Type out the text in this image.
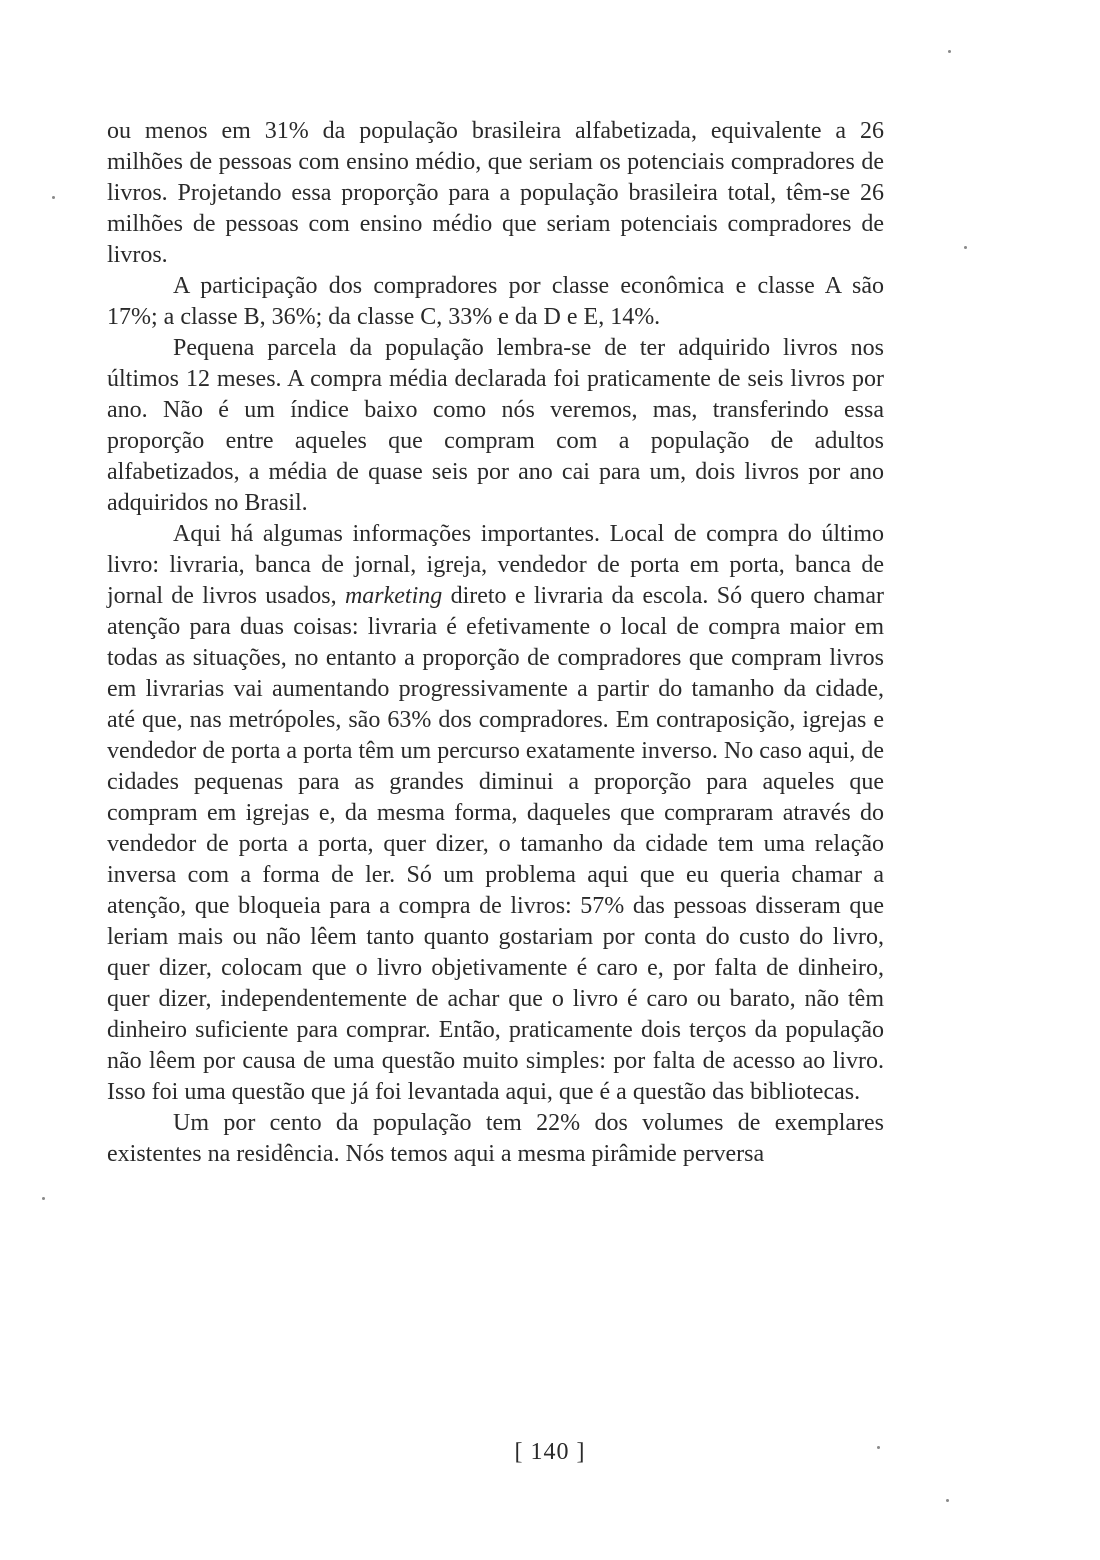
ou menos em 31% da população brasileira alfabetizada, equivalente a 26 milhões de pessoas com ensino médio, que seriam os potenciais compradores de livros. Projetando essa proporção para a população brasileira total, têm-se 26 milhões de pessoas com ensino médio que seriam potenciais compradores de livros.

A participação dos compradores por classe econômica e classe A são 17%; a classe B, 36%; da classe C, 33% e da D e E, 14%.

Pequena parcela da população lembra-se de ter adquirido livros nos últimos 12 meses. A compra média declarada foi praticamente de seis livros por ano. Não é um índice baixo como nós veremos, mas, transferindo essa proporção entre aqueles que compram com a população de adultos alfabetizados, a média de quase seis por ano cai para um, dois livros por ano adquiridos no Brasil.

Aqui há algumas informações importantes. Local de compra do último livro: livraria, banca de jornal, igreja, vendedor de porta em porta, banca de jornal de livros usados, marketing direto e livraria da escola. Só quero chamar atenção para duas coisas: livraria é efetivamente o local de compra maior em todas as situações, no entanto a proporção de compradores que compram livros em livrarias vai aumentando progressivamente a partir do tamanho da cidade, até que, nas metrópoles, são 63% dos compradores. Em contraposição, igrejas e vendedor de porta a porta têm um percurso exatamente inverso. No caso aqui, de cidades pequenas para as grandes diminui a proporção para aqueles que compram em igrejas e, da mesma forma, daqueles que compraram através do vendedor de porta a porta, quer dizer, o tamanho da cidade tem uma relação inversa com a forma de ler. Só um problema aqui que eu queria chamar a atenção, que bloqueia para a compra de livros: 57% das pessoas disseram que leriam mais ou não lêem tanto quanto gostariam por conta do custo do livro, quer dizer, colocam que o livro objetivamente é caro e, por falta de dinheiro, quer dizer, independentemente de achar que o livro é caro ou barato, não têm dinheiro suficiente para comprar. Então, praticamente dois terços da população não lêem por causa de uma questão muito simples: por falta de acesso ao livro. Isso foi uma questão que já foi levantada aqui, que é a questão das bibliotecas.

Um por cento da população tem 22% dos volumes de exemplares existentes na residência. Nós temos aqui a mesma pirâmide perversa

[ 140 ]
